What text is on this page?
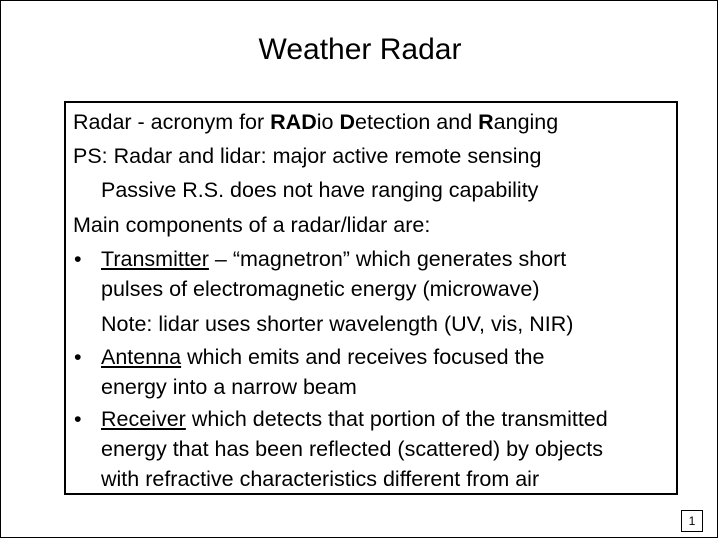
Weather Radar
Radar - acronym for RADio Detection and Ranging
PS: Radar and lidar: major active remote sensing
Passive R.S. does not have ranging capability
Main components of a radar/lidar are:
• Transmitter – “magnetron” which generates short
pulses of electromagnetic energy (microwave)
Note: lidar uses shorter wavelength (UV, vis, NIR)
• Antenna which emits and receives focused the
energy into a narrow beam
• Receiver which detects that portion of the transmitted
energy that has been reflected (scattered) by objects
with refractive characteristics different from air
1
